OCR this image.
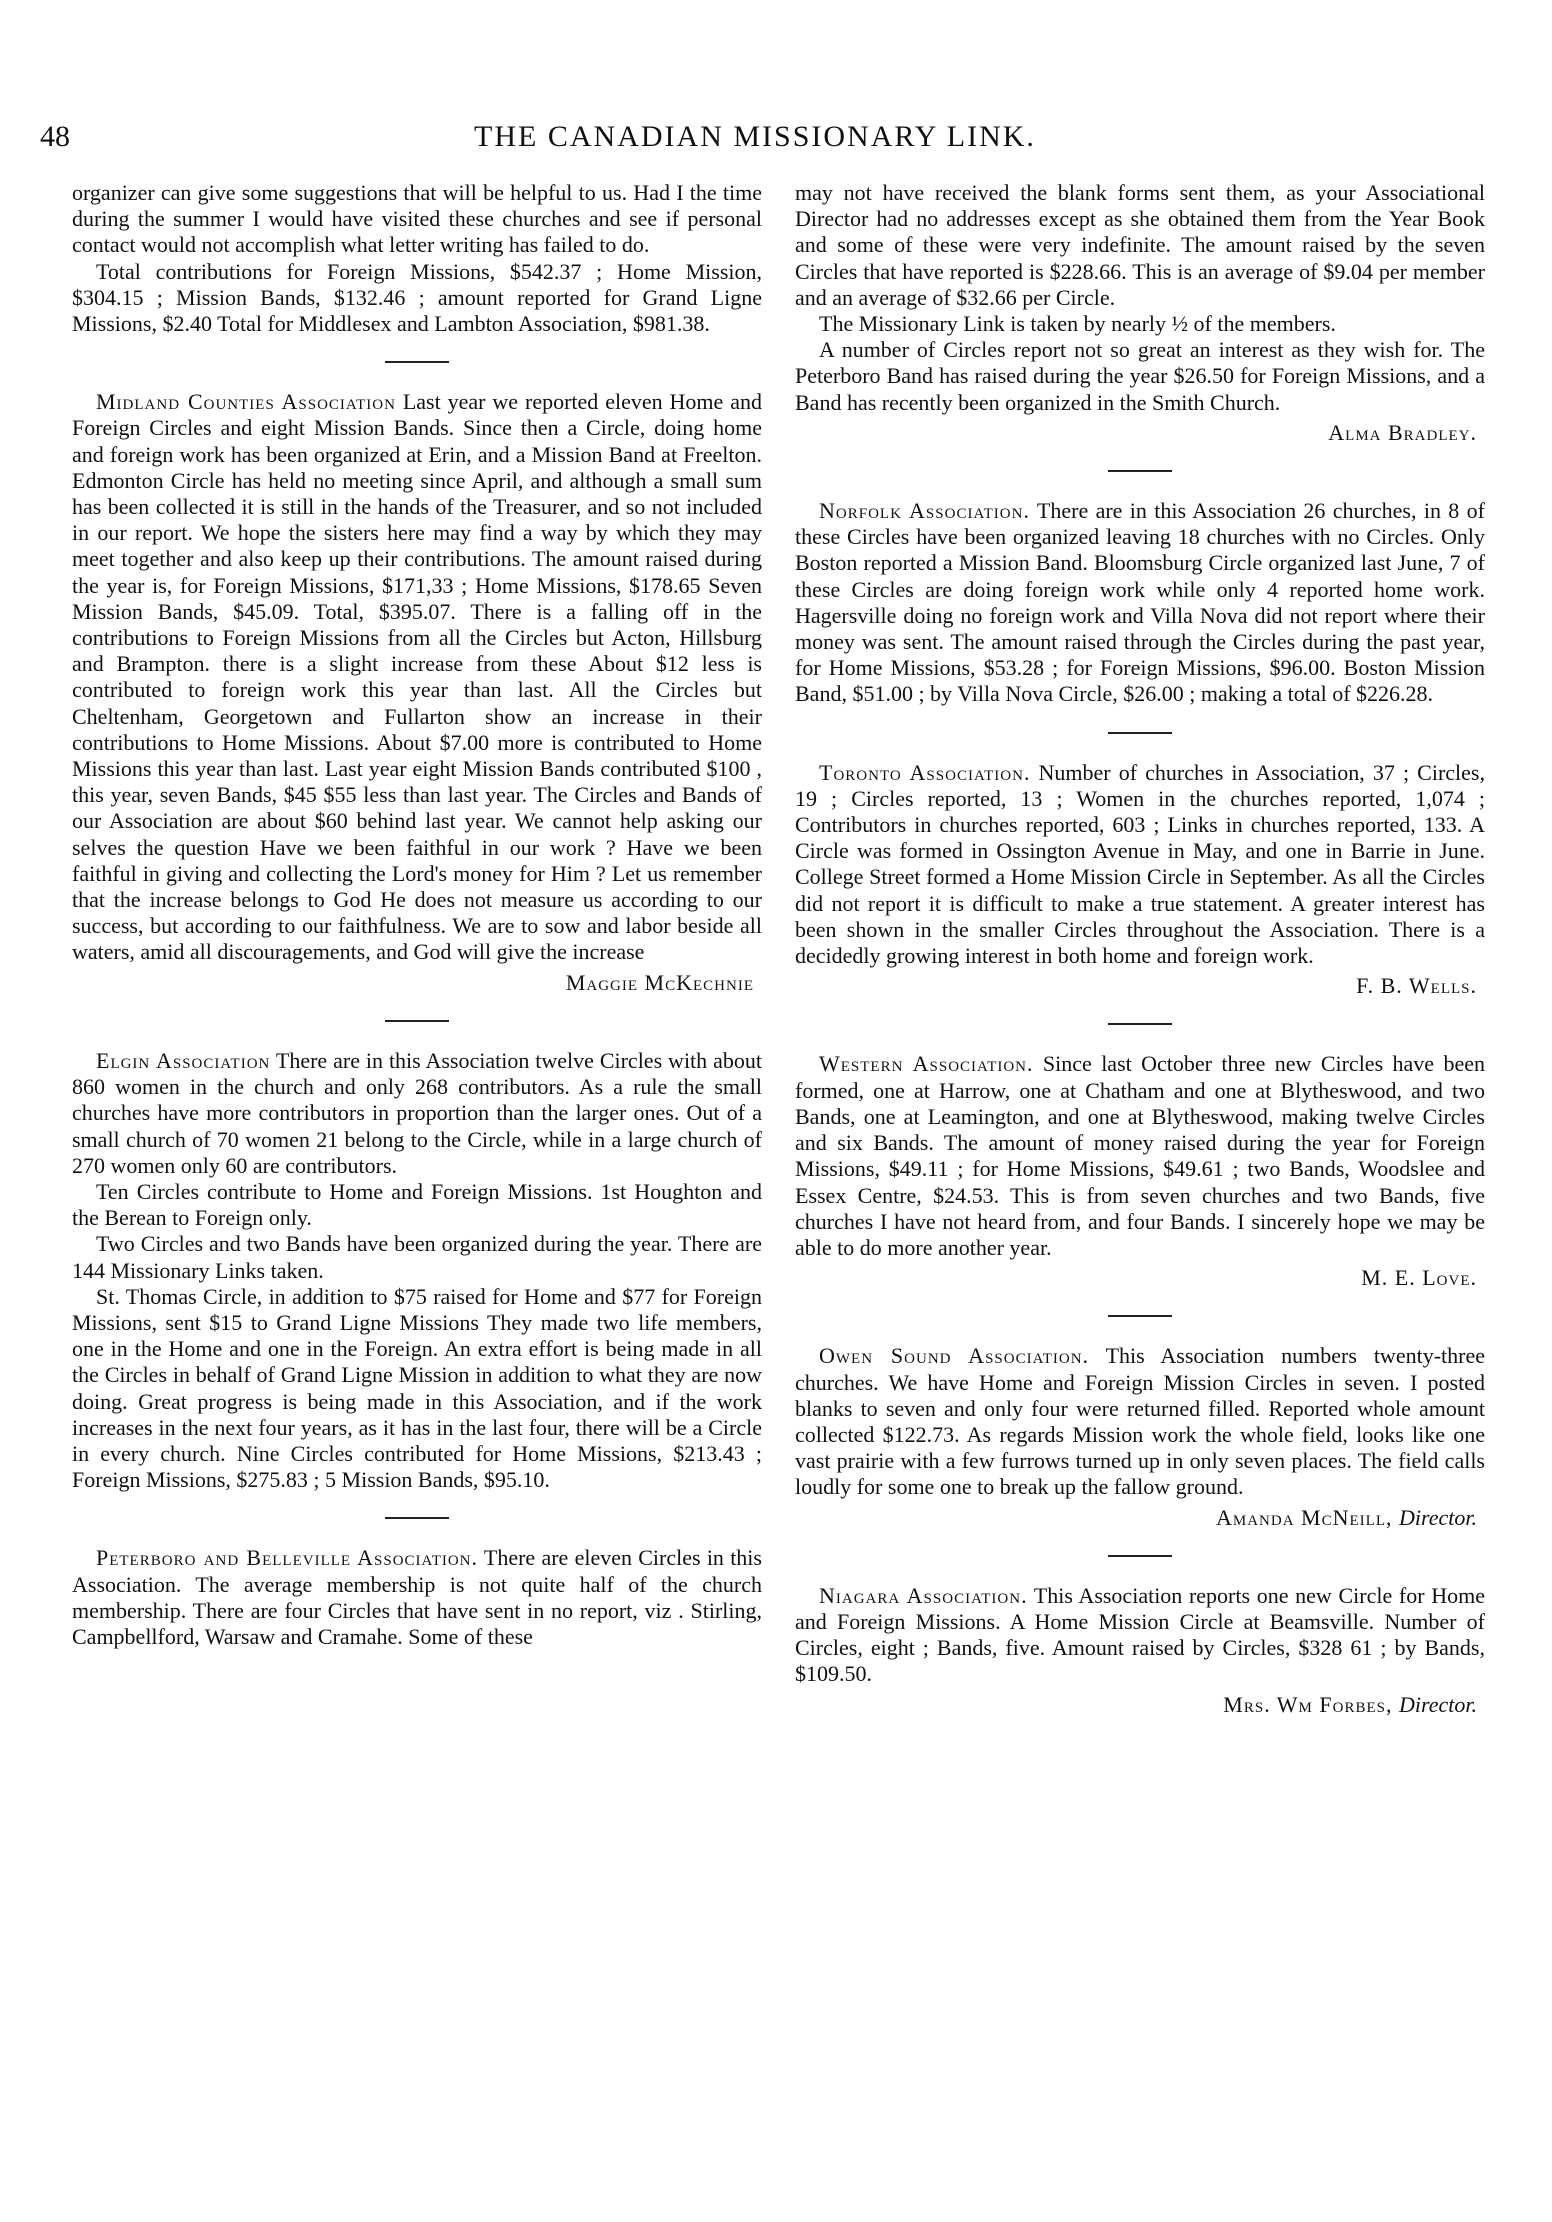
48	THE CANADIAN MISSIONARY LINK.

organizer can give some suggestions that will be helpful to us. Had I the time during the summer I would have visited these churches and see if personal contact would not accomplish what letter writing has failed to do.

Total contributions for Foreign Missions, $542.37 ; Home Mission, $304.15 ; Mission Bands, $132.46 ; amount reported for Grand Ligne Missions, $2.40 Total for Middlesex and Lambton Association, $981.38.

Midland Counties Association Last year we reported eleven Home and Foreign Circles and eight Mission Bands. Since then a Circle, doing home and foreign work has been organized at Erin, and a Mission Band at Freelton. Edmonton Circle has held no meeting since April, and although a small sum has been collected it is still in the hands of the Treasurer, and so not included in our report. We hope the sisters here may find a way by which they may meet together and also keep up their contributions. The amount raised during the year is, for Foreign Missions, $171,33 ; Home Missions, $178.65 Seven Mission Bands, $45.09. Total, $395.07. There is a falling off in the contributions to Foreign Missions from all the Circles but Acton, Hillsburg and Brampton. there is a slight increase from these About $12 less is contributed to foreign work this year than last. All the Circles but Cheltenham, Georgetown and Fullarton show an increase in their contributions to Home Missions. About $7.00 more is contributed to Home Missions this year than last. Last year eight Mission Bands contributed $100 , this year, seven Bands, $45 $55 less than last year. The Circles and Bands of our Association are about $60 behind last year. We cannot help asking our selves the question Have we been faithful in our work ? Have we been faithful in giving and collecting the Lord's money for Him ? Let us remember that the increase belongs to God He does not measure us according to our success, but according to our faithfulness. We are to sow and labor beside all waters, amid all discouragements, and God will give the increase

Maggie McKechnie

Elgin Association There are in this Association twelve Circles with about 860 women in the church and only 268 contributors. As a rule the small churches have more contributors in proportion than the larger ones. Out of a small church of 70 women 21 belong to the Circle, while in a large church of 270 women only 60 are contributors.

Ten Circles contribute to Home and Foreign Missions. 1st Houghton and the Berean to Foreign only.

Two Circles and two Bands have been organized during the year. There are 144 Missionary Links taken.

St. Thomas Circle, in addition to $75 raised for Home and $77 for Foreign Missions, sent $15 to Grand Ligne Missions They made two life members, one in the Home and one in the Foreign. An extra effort is being made in all the Circles in behalf of Grand Ligne Mission in addition to what they are now doing. Great progress is being made in this Association, and if the work increases in the next four years, as it has in the last four, there will be a Circle in every church. Nine Circles contributed for Home Missions, $213.43 ; Foreign Missions, $275.83 ; 5 Mission Bands, $95.10.

Peterboro and Belleville Association. There are eleven Circles in this Association. The average membership is not quite half of the church membership. There are four Circles that have sent in no report, viz . Stirling, Campbellford, Warsaw and Cramahe. Some of these

may not have received the blank forms sent them, as your Associational Director had no addresses except as she obtained them from the Year Book and some of these were very indefinite. The amount raised by the seven Circles that have reported is $228.66. This is an average of $9.04 per member and an average of $32.66 per Circle.

The Missionary Link is taken by nearly ½ of the members.

A number of Circles report not so great an interest as they wish for. The Peterboro Band has raised during the year $26.50 for Foreign Missions, and a Band has recently been organized in the Smith Church.

Alma Bradley.

Norfolk Association. There are in this Association 26 churches, in 8 of these Circles have been organized leaving 18 churches with no Circles. Only Boston reported a Mission Band. Bloomsburg Circle organized last June, 7 of these Circles are doing foreign work while only 4 reported home work. Hagersville doing no foreign work and Villa Nova did not report where their money was sent. The amount raised through the Circles during the past year, for Home Missions, $53.28 ; for Foreign Missions, $96.00. Boston Mission Band, $51.00 ; by Villa Nova Circle, $26.00 ; making a total of $226.28.

Toronto Association. Number of churches in Association, 37 ; Circles, 19 ; Circles reported, 13 ; Women in the churches reported, 1,074 ; Contributors in churches reported, 603 ; Links in churches reported, 133. A Circle was formed in Ossington Avenue in May, and one in Barrie in June. College Street formed a Home Mission Circle in September. As all the Circles did not report it is difficult to make a true statement. A greater interest has been shown in the smaller Circles throughout the Association. There is a decidedly growing interest in both home and foreign work.

F. B. Wells.

Western Association. Since last October three new Circles have been formed, one at Harrow, one at Chatham and one at Blytheswood, and two Bands, one at Leamington, and one at Blytheswood, making twelve Circles and six Bands. The amount of money raised during the year for Foreign Missions, $49.11 ; for Home Missions, $49.61 ; two Bands, Woodslee and Essex Centre, $24.53. This is from seven churches and two Bands, five churches I have not heard from, and four Bands. I sincerely hope we may be able to do more another year.

M. E. Love.

Owen Sound Association. This Association numbers twenty-three churches. We have Home and Foreign Mission Circles in seven. I posted blanks to seven and only four were returned filled. Reported whole amount collected $122.73. As regards Mission work the whole field, looks like one vast prairie with a few furrows turned up in only seven places. The field calls loudly for some one to break up the fallow ground.

Amanda McNeill, Director.

Niagara Association. This Association reports one new Circle for Home and Foreign Missions. A Home Mission Circle at Beamsville. Number of Circles, eight ; Bands, five. Amount raised by Circles, $328 61 ; by Bands, $109.50.

Mrs. Wm Forbes, Director.
